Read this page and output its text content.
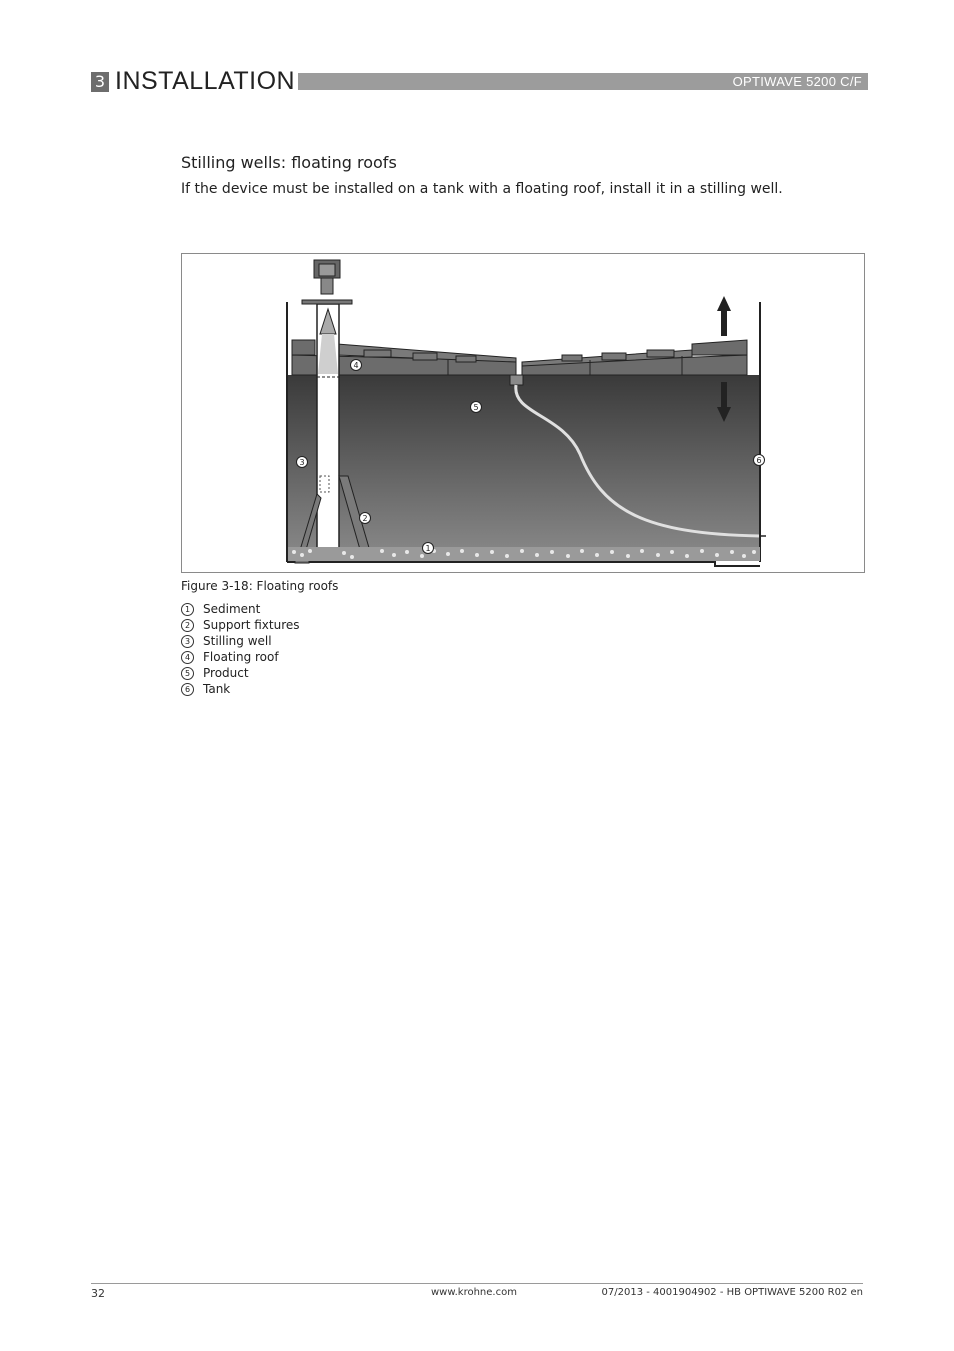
3 INSTALLATION	OPTIWAVE 5200 C/F
Stilling wells: floating roofs
If the device must be installed on a tank with a floating roof, install it in a stilling well.
4
5
3	6
2
1
Figure 3-18: Floating roofs
1	Sediment
2	Support fixtures
3	Stilling well
4	Floating roof
5	Product
6	Tank
32	www.krohne.com	07/2013 - 4001904902 - HB OPTIWAVE 5200 R02 en
